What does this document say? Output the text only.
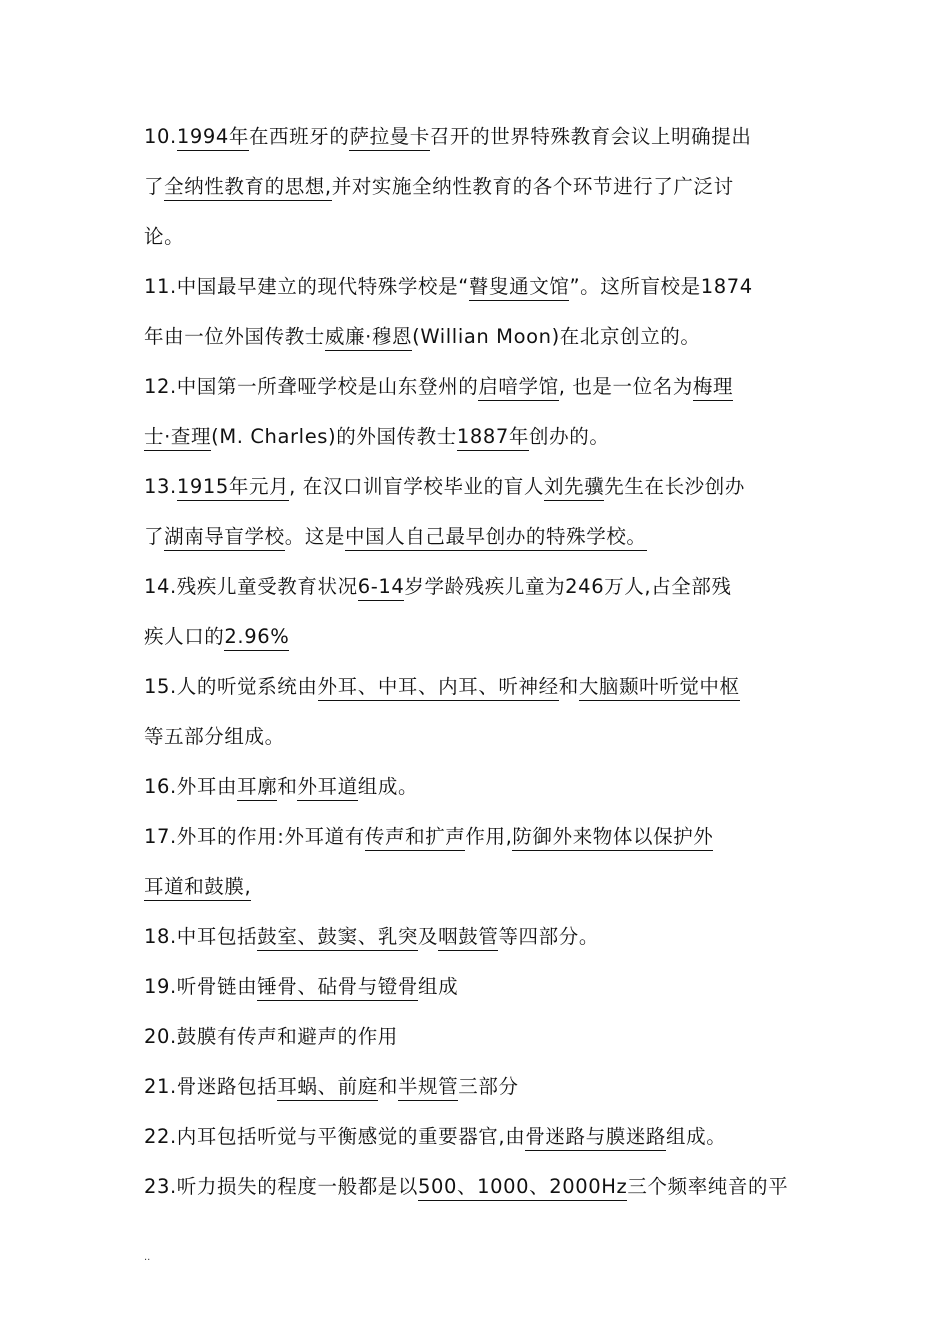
10.1994年在西班牙的萨拉曼卡召开的世界特殊教育会议上明确提出
了全纳性教育的思想,并对实施全纳性教育的各个环节进行了广泛讨
论。
11.中国最早建立的现代特殊学校是“瞽叟通文馆”。这所盲校是1874
年由一位外国传教士威廉·穆恩(Willian Moon)在北京创立的。
12.中国第一所聋哑学校是山东登州的启喑学馆, 也是一位名为梅理
士·查理(M. Charles)的外国传教士1887年创办的。
13.1915年元月, 在汉口训盲学校毕业的盲人刘先骥先生在长沙创办
了湖南导盲学校。这是中国人自己最早创办的特殊学校。
14.残疾儿童受教育状况6-14岁学龄残疾儿童为246万人,占全部残
疾人口的2.96%
15.人的听觉系统由外耳、中耳、内耳、听神经和大脑颞叶听觉中枢
等五部分组成。
16.外耳由耳廓和外耳道组成。
17.外耳的作用:外耳道有传声和扩声作用,防御外来物体以保护外
耳道和鼓膜,
18.中耳包括鼓室、鼓窦、乳突及咽鼓管等四部分。
19.听骨链由锤骨、砧骨与镫骨组成
20.鼓膜有传声和避声的作用
21.骨迷路包括耳蜗、前庭和半规管三部分
22.内耳包括听觉与平衡感觉的重要器官,由骨迷路与膜迷路组成。
23.听力损失的程度一般都是以500、1000、2000Hz三个频率纯音的平
..
